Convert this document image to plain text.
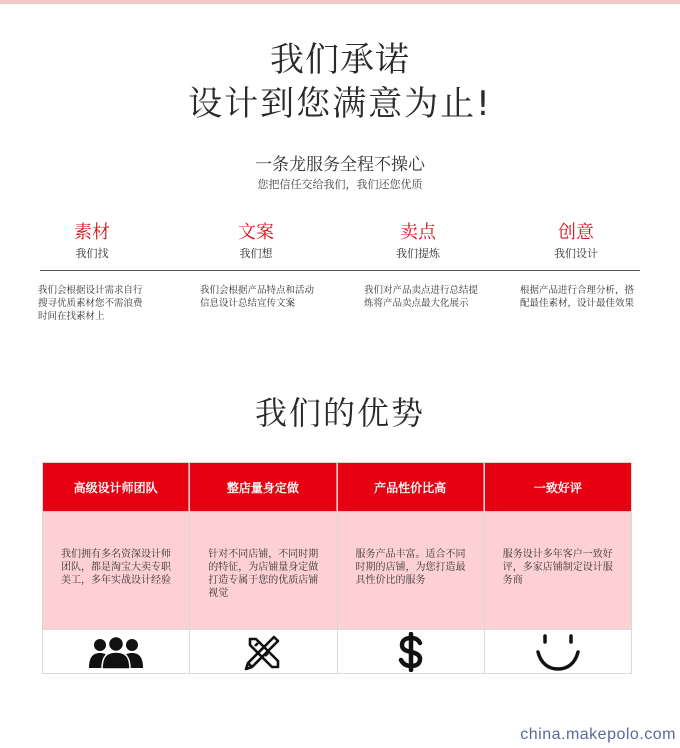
我们承诺
设计到您满意为止!
一条龙服务全程不操心
您把信任交给我们，我们还您优质
素材
我们找
文案
我们想
卖点
我们提炼
创意
我们设计
我们会根据设计需求自行搜寻优质素材您不需浪费时间在找素材上
我们会根据产品特点和活动信息设计总结宣传文案
我们对产品卖点进行总结提炼将产品卖点最大化展示
根据产品进行合理分析，搭配最佳素材，设计最佳效果
我们的优势
高级设计师团队
我们拥有多名资深设计师团队，都是淘宝大卖专职美工，多年实战设计经验
整店量身定做
针对不同店铺，不同时期的特征，为店铺量身定做打造专属于您的优质店铺视觉
产品性价比高
服务产品丰富。适合不同时期的店铺，为您打造最具性价比的服务
一致好评
服务设计多年客户一致好评，多家店铺制定设计服务商
china.makepolo.com
